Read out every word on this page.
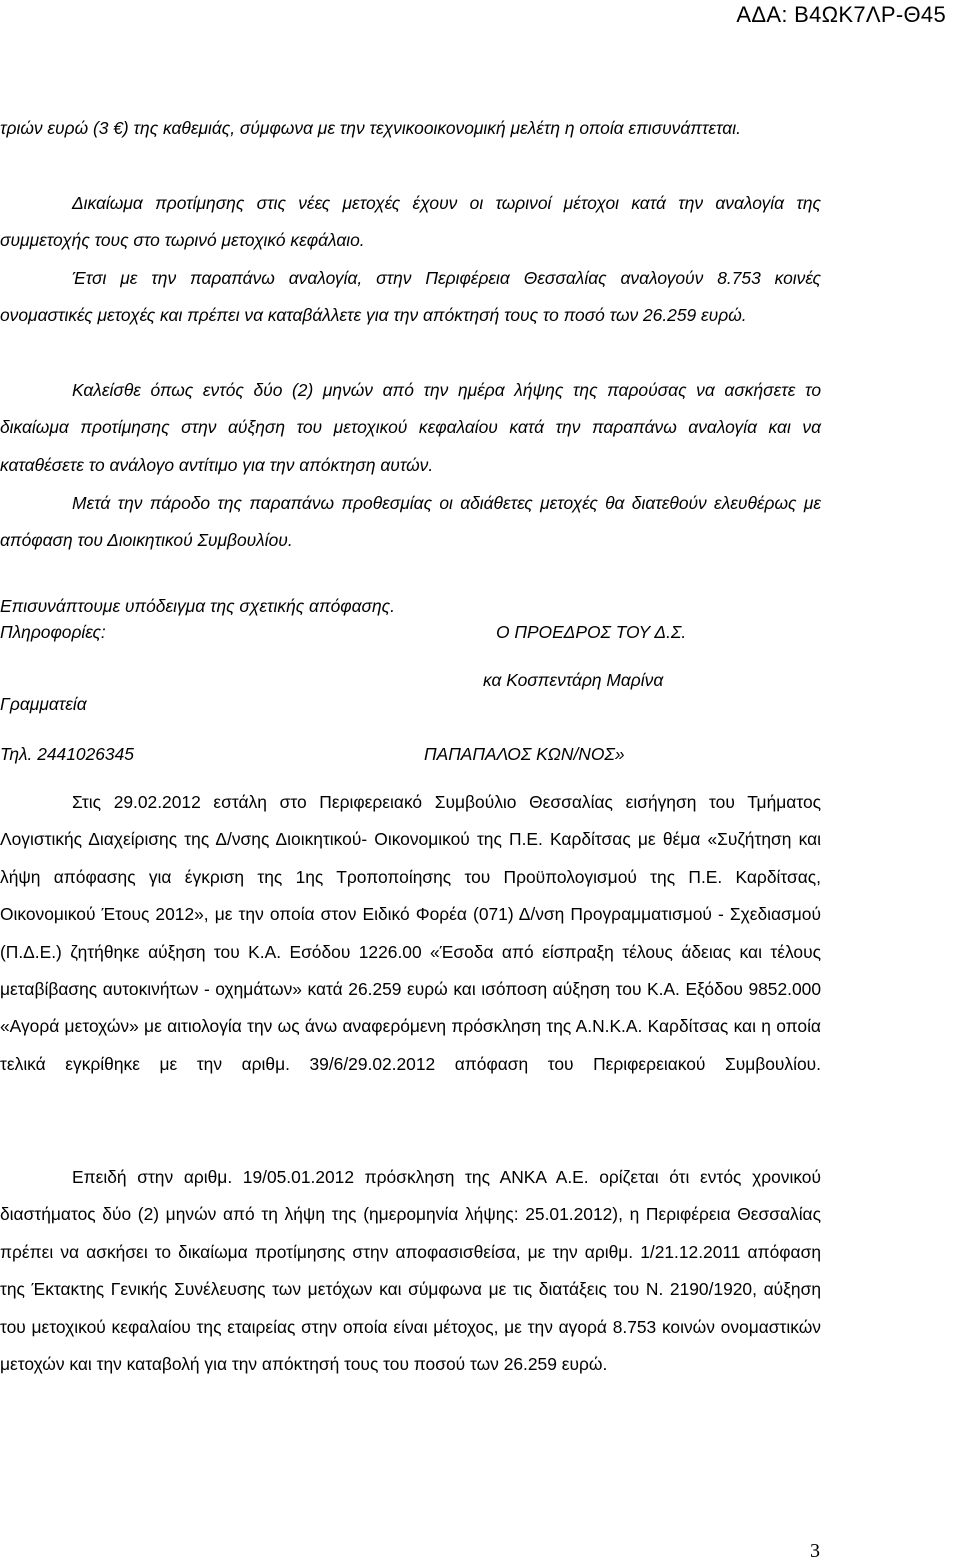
ΑΔΑ: Β4ΩΚ7ΛΡ-Θ45

τριών ευρώ (3 €) της καθεμιάς, σύμφωνα με την τεχνικοοικονομική μελέτη η οποία επισυνάπτεται.

Δικαίωμα προτίμησης στις νέες μετοχές έχουν οι τωρινοί μέτοχοι κατά την αναλογία της συμμετοχής τους στο τωρινό μετοχικό κεφάλαιο.

Έτσι με την παραπάνω αναλογία, στην Περιφέρεια Θεσσαλίας αναλογούν 8.753 κοινές ονομαστικές μετοχές και πρέπει να καταβάλλετε για την απόκτησή τους το ποσό των 26.259 ευρώ.

Καλείσθε όπως εντός δύο (2) μηνών από την ημέρα λήψης της παρούσας να ασκήσετε το δικαίωμα προτίμησης στην αύξηση του μετοχικού κεφαλαίου κατά την παραπάνω αναλογία και να καταθέσετε το ανάλογο αντίτιμο για την απόκτηση αυτών.

Μετά την πάροδο της παραπάνω προθεσμίας οι αδιάθετες μετοχές θα διατεθούν ελευθέρως με απόφαση του Διοικητικού Συμβουλίου.

Επισυνάπτουμε υπόδειγμα της σχετικής απόφασης.

Πληροφορίες:	Ο ΠΡΟΕΔΡΟΣ ΤΟΥ Δ.Σ.

κα Κοσπεντάρη Μαρίνα

Γραμματεία

Τηλ. 2441026345	ΠΑΠΑΠΑΛΟΣ ΚΩΝ/ΝΟΣ»

Στις 29.02.2012 εστάλη στο Περιφερειακό Συμβούλιο Θεσσαλίας εισήγηση του Τμήματος Λογιστικής Διαχείρισης της Δ/νσης Διοικητικού- Οικονομικού της Π.Ε. Καρδίτσας με θέμα «Συζήτηση και λήψη απόφασης για έγκριση της 1ης Τροποποίησης του Προϋπολογισμού της Π.Ε. Καρδίτσας, Οικονομικού Έτους 2012», με την οποία στον Ειδικό Φορέα (071) Δ/νση Προγραμματισμού - Σχεδιασμού (Π.Δ.Ε.) ζητήθηκε αύξηση του Κ.Α. Εσόδου 1226.00 «Έσοδα από είσπραξη τέλους άδειας και τέλους μεταβίβασης αυτοκινήτων - οχημάτων» κατά 26.259 ευρώ και ισόποση αύξηση του Κ.Α. Εξόδου 9852.000 «Αγορά μετοχών» με αιτιολογία την ως άνω αναφερόμενη πρόσκληση της Α.Ν.Κ.Α. Καρδίτσας και η οποία τελικά εγκρίθηκε με την αριθμ. 39/6/29.02.2012 απόφαση του Περιφερειακού Συμβουλίου.

Επειδή στην αριθμ. 19/05.01.2012 πρόσκληση της ΑΝΚΑ Α.Ε. ορίζεται ότι εντός χρονικού διαστήματος δύο (2) μηνών από τη λήψη της (ημερομηνία λήψης: 25.01.2012), η Περιφέρεια Θεσσαλίας πρέπει να ασκήσει το δικαίωμα προτίμησης στην αποφασισθείσα, με την αριθμ. 1/21.12.2011 απόφαση της Έκτακτης Γενικής Συνέλευσης των μετόχων και σύμφωνα με τις διατάξεις του Ν. 2190/1920, αύξηση του μετοχικού κεφαλαίου της εταιρείας στην οποία είναι μέτοχος, με την αγορά 8.753 κοινών ονομαστικών μετοχών και την καταβολή για την απόκτησή τους του ποσού των 26.259 ευρώ.

3
